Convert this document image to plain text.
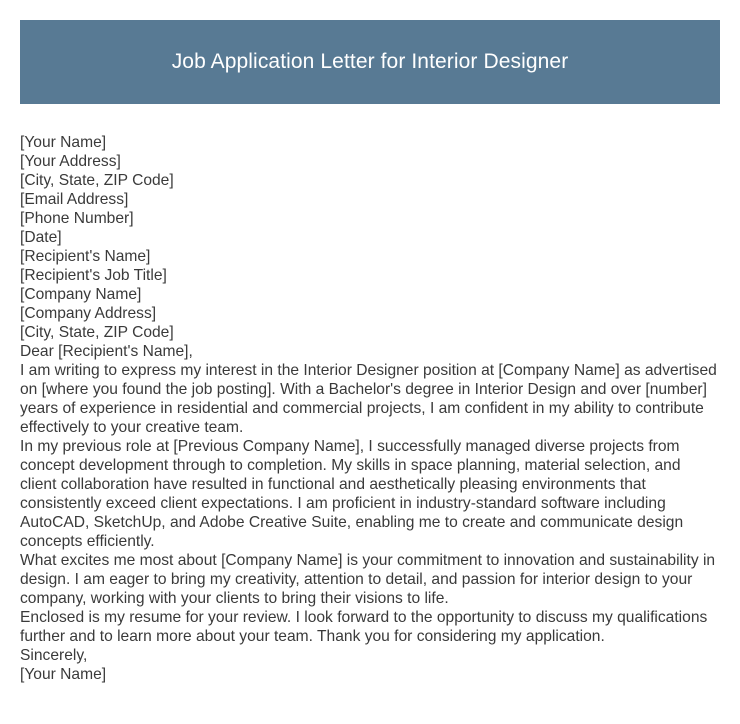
Job Application Letter for Interior Designer
[Your Name]
[Your Address]
[City, State, ZIP Code]
[Email Address]
[Phone Number]
[Date]
[Recipient's Name]
[Recipient's Job Title]
[Company Name]
[Company Address]
[City, State, ZIP Code]
Dear [Recipient's Name],

I am writing to express my interest in the Interior Designer position at [Company Name] as advertised on [where you found the job posting]. With a Bachelor's degree in Interior Design and over [number] years of experience in residential and commercial projects, I am confident in my ability to contribute effectively to your creative team.

In my previous role at [Previous Company Name], I successfully managed diverse projects from concept development through to completion. My skills in space planning, material selection, and client collaboration have resulted in functional and aesthetically pleasing environments that consistently exceed client expectations. I am proficient in industry-standard software including AutoCAD, SketchUp, and Adobe Creative Suite, enabling me to create and communicate design concepts efficiently.

What excites me most about [Company Name] is your commitment to innovation and sustainability in design. I am eager to bring my creativity, attention to detail, and passion for interior design to your company, working with your clients to bring their visions to life.

Enclosed is my resume for your review. I look forward to the opportunity to discuss my qualifications further and to learn more about your team. Thank you for considering my application.

Sincerely,
[Your Name]
